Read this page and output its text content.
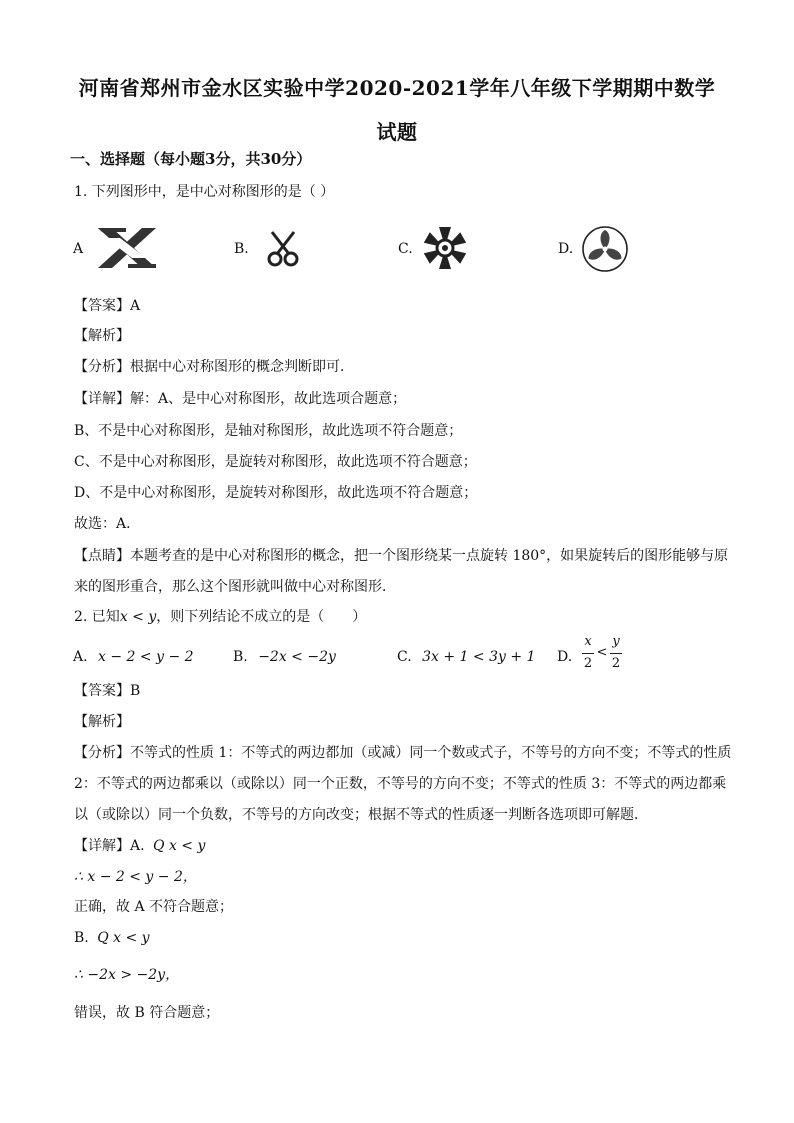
河南省郑州市金水区实验中学2020-2021学年八年级下学期期中数学
试题
一、选择题（每小题3分，共30分）
1. 下列图形中，是中心对称图形的是（ ）
A	B.	C.	D.
【答案】A
【解析】
【分析】根据中心对称图形的概念判断即可．
【详解】解：A、是中心对称图形，故此选项合题意；
B、不是中心对称图形，是轴对称图形，故此选项不符合题意；
C、不是中心对称图形，是旋转对称图形，故此选项不符合题意；
D、不是中心对称图形，是旋转对称图形，故此选项不符合题意；
故选：A．
【点睛】本题考查的是中心对称图形的概念，把一个图形绕某一点旋转 180°，如果旋转后的图形能够与原
来的图形重合，那么这个图形就叫做中心对称图形．
2. 已知x < y，则下列结论不成立的是（　　）
A. x − 2 < y − 2	B. −2x < −2y	C. 3x + 1 < 3y + 1 D.
x
2
<
y
2
【答案】B
【解析】
【分析】不等式的性质 1：不等式的两边都加（或减）同一个数或式子，不等号的方向不变；不等式的性质
2：不等式的两边都乘以（或除以）同一个正数，不等号的方向不变；不等式的性质 3：不等式的两边都乘
以（或除以）同一个负数，不等号的方向改变；根据不等式的性质逐一判断各选项即可解题．
【详解】A. Q x < y
∴ x − 2 < y − 2，
正确，故 A 不符合题意；
B. Q x < y
∴ −2x > −2y，
错误，故 B 符合题意；
